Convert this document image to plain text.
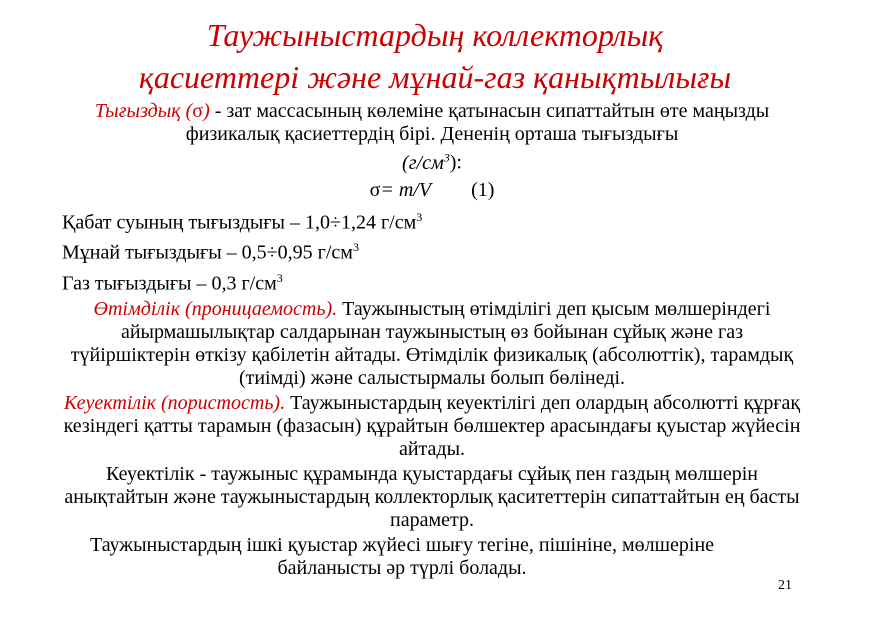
Таужыныстардың коллекторлық
қасиеттері және мұнай-газ қанықтылығы

Тығыздық (σ) - зат массасының көлеміне қатынасын сипаттайтын өте маңызды физикалық қасиеттердің бірі. Дененің орташа тығыздығы
$(г/см^3)$:

σ= m/V (1)

Қабат суының тығыздығы – 1,0÷1,24 $г/см^3$

Мұнай тығыздығы – 0,5÷0,95 $г/см^3$

Газ тығыздығы – 0,3 $г/см^3$

Өтімділік (проницаемость). Таужыныстың өтімділігі деп қысым мөлшеріндегі айырмашылықтар салдарынан таужыныстың өз бойынан сұйық және газ түйіршіктерін өткізу қабілетін айтады. Өтімділік физикалық (абсолюттік), тарамдық (тиімді) және салыстырмалы болып бөлінеді.

Кеуектілік (пористость). Таужыныстардың кеуектілігі деп олардың абсолютті құрғақ кезіндегі қатты тарамын (фазасын) құрайтын бөлшектер арасындағы қуыстар жүйесін айтады.

Кеуектілік - таужыныс құрамында қуыстардағы сұйық пен газдың мөлшерін анықтайтын және таужыныстардың коллекторлық қаситеттерін сипаттайтын ең басты параметр.

Таужыныстардың ішкі қуыстар жүйесі шығу тегіне, пішініне, мөлшеріне байланысты әр түрлі болады.

21
